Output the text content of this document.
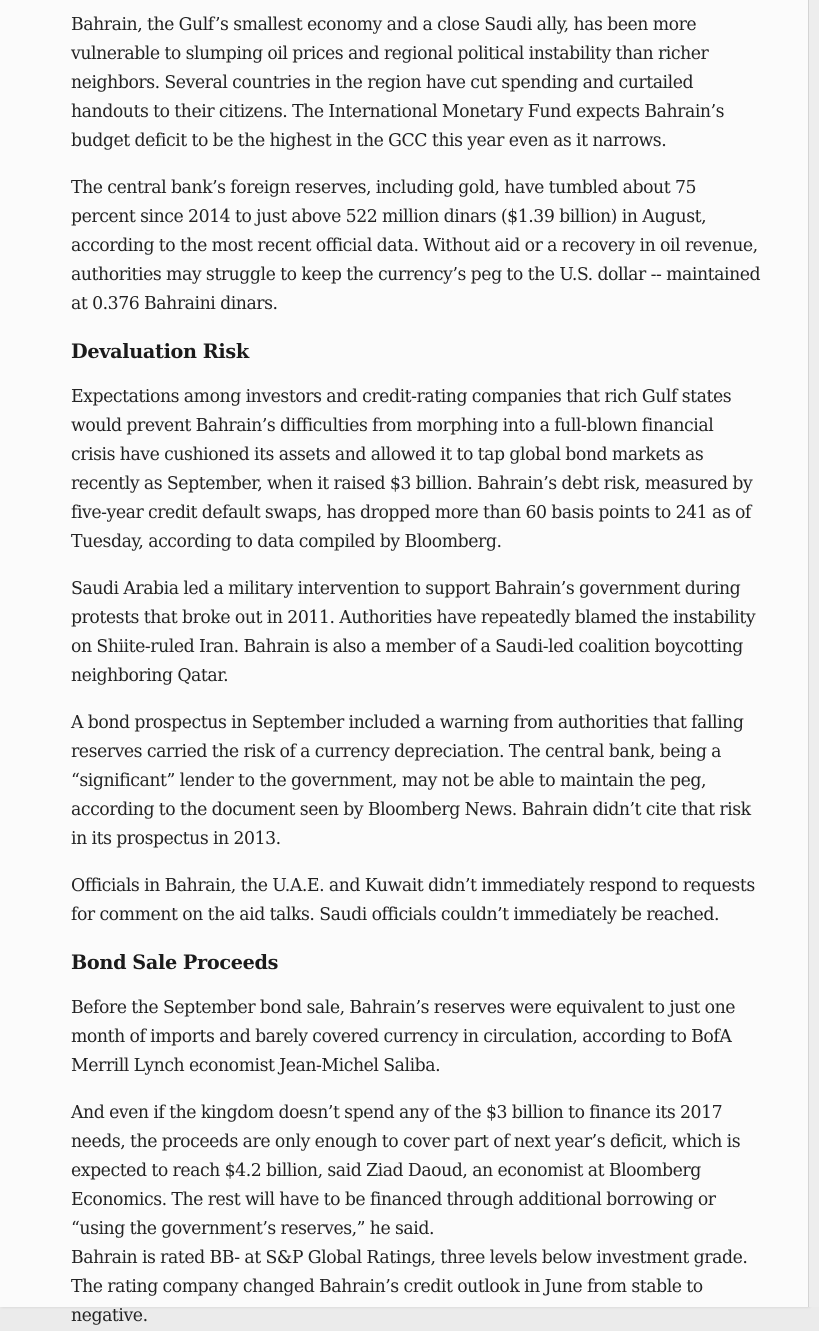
Bahrain, the Gulf’s smallest economy and a close Saudi ally, has been more vulnerable to slumping oil prices and regional political instability than richer neighbors. Several countries in the region have cut spending and curtailed handouts to their citizens. The International Monetary Fund expects Bahrain’s budget deficit to be the highest in the GCC this year even as it narrows.

The central bank’s foreign reserves, including gold, have tumbled about 75 percent since 2014 to just above 522 million dinars ($1.39 billion) in August, according to the most recent official data. Without aid or a recovery in oil revenue, authorities may struggle to keep the currency’s peg to the U.S. dollar -- maintained at 0.376 Bahraini dinars.

Devaluation Risk

Expectations among investors and credit-rating companies that rich Gulf states would prevent Bahrain’s difficulties from morphing into a full-blown financial crisis have cushioned its assets and allowed it to tap global bond markets as recently as September, when it raised $3 billion. Bahrain’s debt risk, measured by five-year credit default swaps, has dropped more than 60 basis points to 241 as of Tuesday, according to data compiled by Bloomberg.

Saudi Arabia led a military intervention to support Bahrain’s government during protests that broke out in 2011. Authorities have repeatedly blamed the instability on Shiite-ruled Iran. Bahrain is also a member of a Saudi-led coalition boycotting neighboring Qatar.

A bond prospectus in September included a warning from authorities that falling reserves carried the risk of a currency depreciation. The central bank, being a “significant” lender to the government, may not be able to maintain the peg, according to the document seen by Bloomberg News. Bahrain didn’t cite that risk in its prospectus in 2013.

Officials in Bahrain, the U.A.E. and Kuwait didn’t immediately respond to requests for comment on the aid talks. Saudi officials couldn’t immediately be reached.

Bond Sale Proceeds

Before the September bond sale, Bahrain’s reserves were equivalent to just one month of imports and barely covered currency in circulation, according to BofA Merrill Lynch economist Jean-Michel Saliba.

And even if the kingdom doesn’t spend any of the $3 billion to finance its 2017 needs, the proceeds are only enough to cover part of next year’s deficit, which is expected to reach $4.2 billion, said Ziad Daoud, an economist at Bloomberg Economics. The rest will have to be financed through additional borrowing or “using the government’s reserves,” he said.

Bahrain is rated BB- at S&P Global Ratings, three levels below investment grade. The rating company changed Bahrain’s credit outlook in June from stable to negative.
